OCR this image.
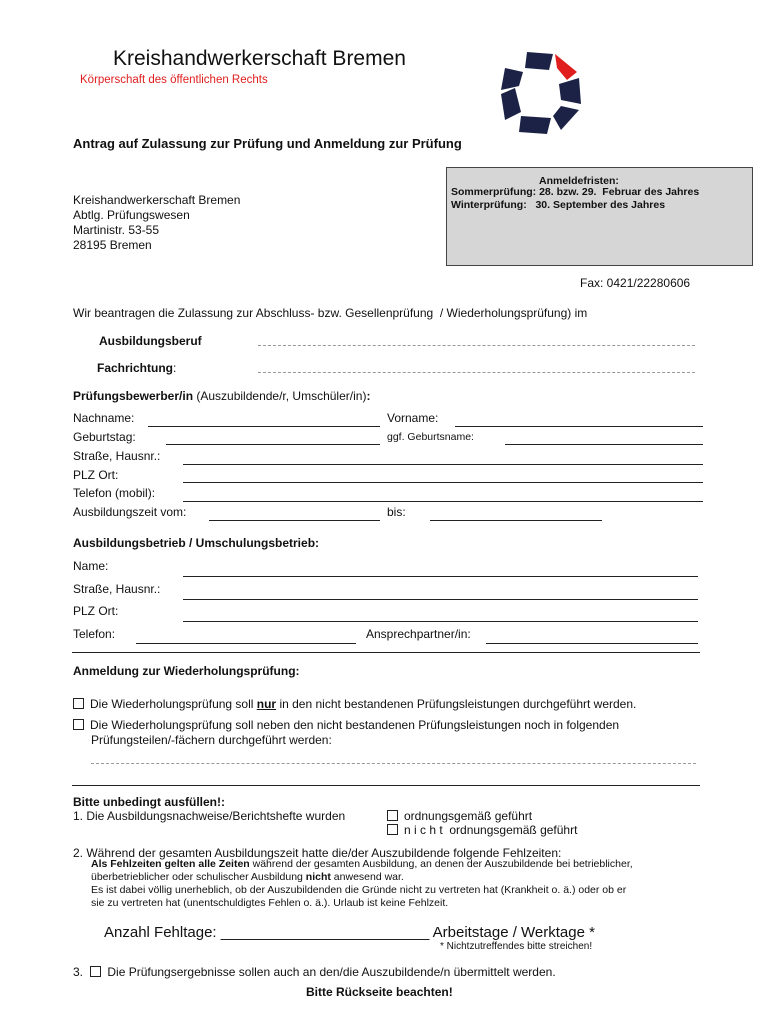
Kreishandwerkerschaft Bremen
Körperschaft des öffentlichen Rechts
Antrag auf Zulassung zur Prüfung und Anmeldung zur Prüfung
Kreishandwerkerschaft Bremen
Abtlg. Prüfungswesen
Martinistr. 53-55
28195 Bremen
Anmeldefristen:
Sommerprüfung: 28. bzw. 29.  Februar des Jahres
Winterprüfung:   30. September des Jahres
Fax: 0421/22280606
Wir beantragen die Zulassung zur Abschluss- bzw. Gesellenprüfung  / Wiederholungsprüfung) im
Ausbildungsberuf
Fachrichtung:
Prüfungsbewerber/in (Auszubildende/r, Umschüler/in):
Nachname:	Vorname:
Geburtstag:	ggf. Geburtsname:
Straße, Hausnr.:
PLZ Ort:
Telefon (mobil):
Ausbildungszeit vom:	bis:
Ausbildungsbetrieb / Umschulungsbetrieb:
Name:
Straße, Hausnr.:
PLZ Ort:
Telefon:	Ansprechpartner/in:
Anmeldung zur Wiederholungsprüfung:
Die Wiederholungsprüfung soll nur in den nicht bestandenen Prüfungsleistungen durchgeführt werden.
Die Wiederholungsprüfung soll neben den nicht bestandenen Prüfungsleistungen noch in folgenden
Prüfungsteilen/-fächern durchgeführt werden:
Bitte unbedingt ausfüllen!:
1. Die Ausbildungsnachweise/Berichtshefte wurden	ordnungsgemäß geführt
n i c h t  ordnungsgemäß geführt
2. Während der gesamten Ausbildungszeit hatte die/der Auszubildende folgende Fehlzeiten:
Als Fehlzeiten gelten alle Zeiten während der gesamten Ausbildung, an denen der Auszubildende bei betrieblicher,
überbetrieblicher oder schulischer Ausbildung nicht anwesend war.
Es ist dabei völlig unerheblich, ob der Auszubildenden die Gründe nicht zu vertreten hat (Krankheit o. ä.) oder ob er
sie zu vertreten hat (unentschuldigtes Fehlen o. ä.). Urlaub ist keine Fehlzeit.
Anzahl Fehltage: _________________________ Arbeitstage / Werktage *
* Nichtzutreffendes bitte streichen!
3. Die Prüfungsergebnisse sollen auch an den/die Auszubildende/n übermittelt werden.
Bitte Rückseite beachten!
